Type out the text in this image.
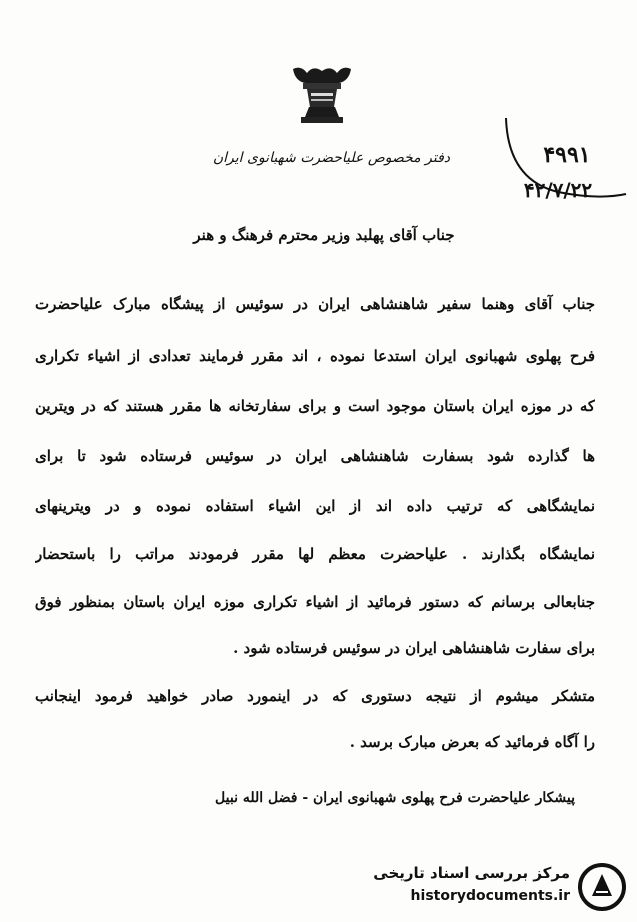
دفتر مخصوص علیاحضرت شهبانوی ایران	۴۹۹۱
۴۲/۷/۲۲
جناب آقای پهلبد وزیر محترم فرهنگ و هنر
جناب آقای وهنما سفیر شاهنشاهی ایران در سوئیس از پیشگاه مبارک علیاحضرت
فرح پهلوی شهبانوی ایران استدعا نموده ، اند مقرر فرمایند تعدادی از اشیاء تکراری
که در موزه ایران باستان موجود است و برای سفارتخانه ها مقرر هستند که در ویترین
ها گذارده شود بسفارت شاهنشاهی ایران در سوئیس فرستاده شود تا برای
نمایشگاهی که ترتیب داده اند از این اشیاء استفاده نموده و در ویترینهای
نمایشگاه بگذارند . علیاحضرت معظم لها مقرر فرمودند مراتب را باستحضار
جنابعالی برسانم که دستور فرمائید از اشیاء تکراری موزه ایران باستان بمنظور فوق
برای سفارت شاهنشاهی ایران در سوئیس فرستاده شود .
متشکر میشوم از نتیجه دستوری که در اینمورد صادر خواهید فرمود اینجانب
را آگاه فرمائید که بعرض مبارک برسد .
پیشکار علیاحضرت فرح پهلوی شهبانوی ایران - فضل الله نبیل
مرکز بررسی اسناد تاریخی
historydocuments.ir
